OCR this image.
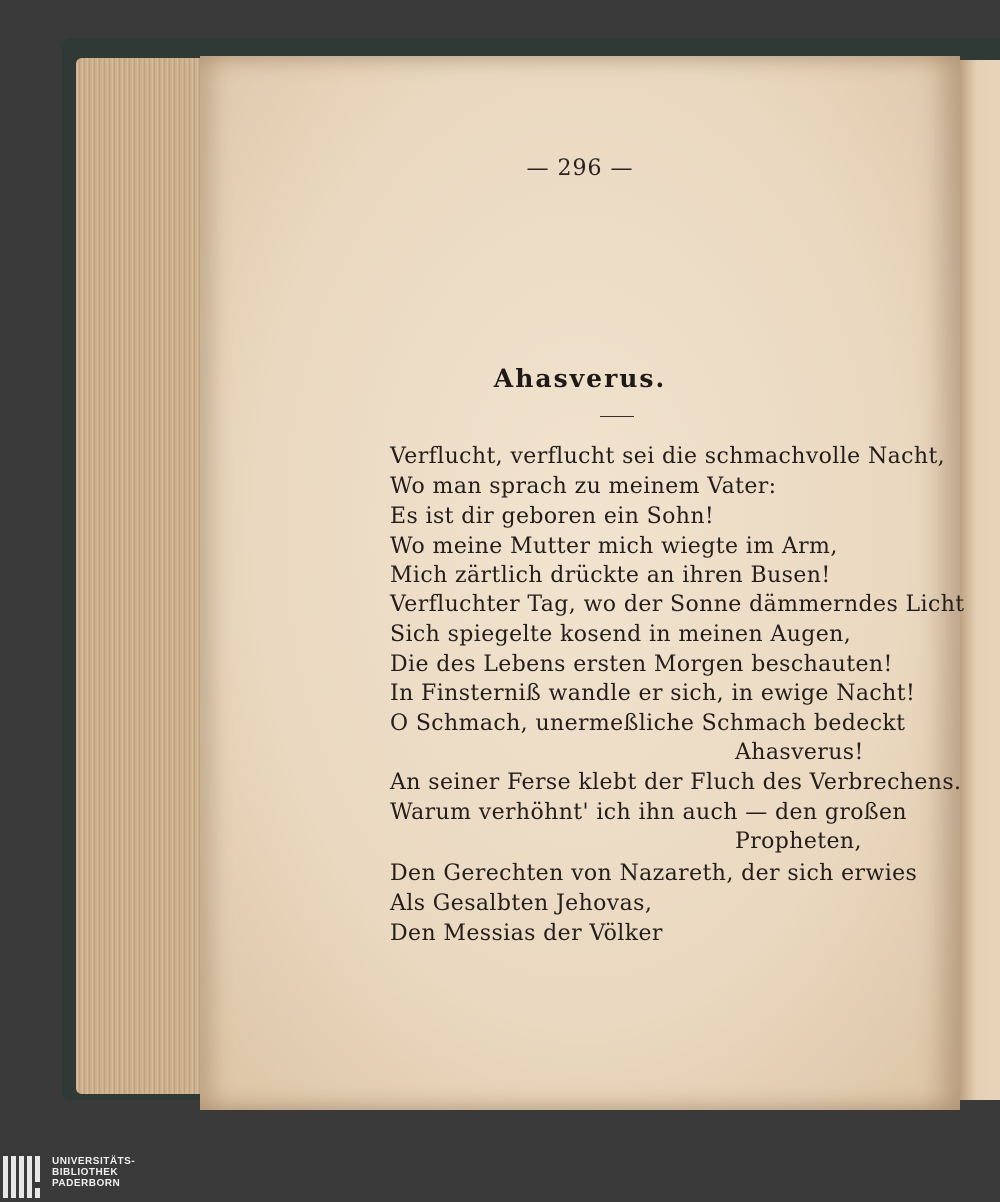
— 296 —
Ahasverus.
Verflucht, verflucht sei die schmachvolle Nacht,
Wo man sprach zu meinem Vater:
Es ist dir geboren ein Sohn!
Wo meine Mutter mich wiegte im Arm,
Mich zärtlich drückte an ihren Busen!
Verfluchter Tag, wo der Sonne dämmerndes Licht
Sich spiegelte kosend in meinen Augen,
Die des Lebens ersten Morgen beschauten!
In Finsterniß wandle er sich, in ewige Nacht!
O Schmach, unermeßliche Schmach bedeckt
Ahasverus!
An seiner Ferse klebt der Fluch des Verbrechens.
Warum verhöhnt' ich ihn auch — den großen
Propheten,
Den Gerechten von Nazareth, der sich erwies
Als Gesalbten Jehovas,
Den Messias der Völker
UNIVERSITÄTS-
BIBLIOTHEK
PADERBORN
